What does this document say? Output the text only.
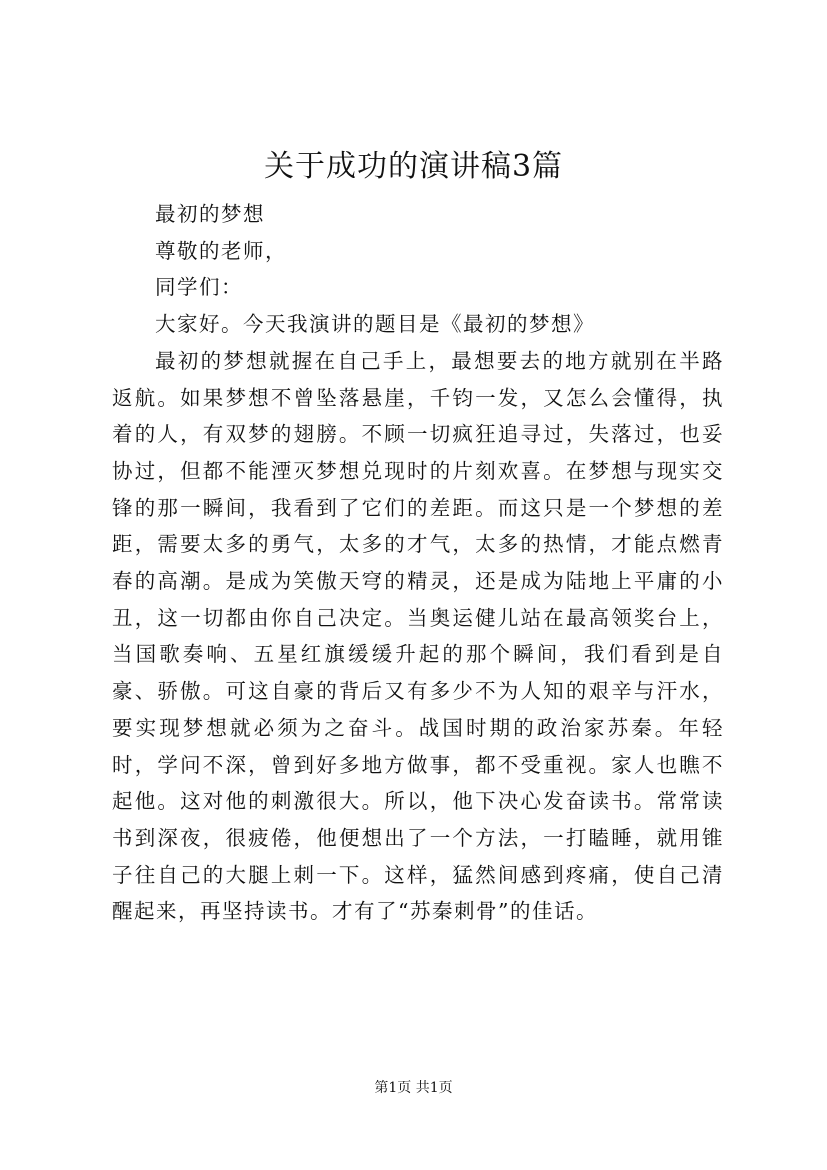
关于成功的演讲稿3篇

最初的梦想

尊敬的老师，

同学们：

大家好。今天我演讲的题目是《最初的梦想》

最初的梦想就握在自己手上，最想要去的地方就别在半路返航。如果梦想不曾坠落悬崖，千钧一发，又怎么会懂得，执着的人，有双梦的翅膀。不顾一切疯狂追寻过，失落过，也妥协过，但都不能湮灭梦想兑现时的片刻欢喜。在梦想与现实交锋的那一瞬间，我看到了它们的差距。而这只是一个梦想的差距，需要太多的勇气，太多的才气，太多的热情，才能点燃青春的高潮。是成为笑傲天穹的精灵，还是成为陆地上平庸的小丑，这一切都由你自己决定。当奥运健儿站在最高领奖台上，当国歌奏响、五星红旗缓缓升起的那个瞬间，我们看到是自豪、骄傲。可这自豪的背后又有多少不为人知的艰辛与汗水，要实现梦想就必须为之奋斗。战国时期的政治家苏秦。年轻时，学问不深，曾到好多地方做事，都不受重视。家人也瞧不起他。这对他的刺激很大。所以，他下决心发奋读书。常常读书到深夜，很疲倦，他便想出了一个方法，一打瞌睡，就用锥子往自己的大腿上刺一下。这样，猛然间感到疼痛，使自己清醒起来，再坚持读书。才有了“苏秦刺骨”的佳话。

第1页 共1页
